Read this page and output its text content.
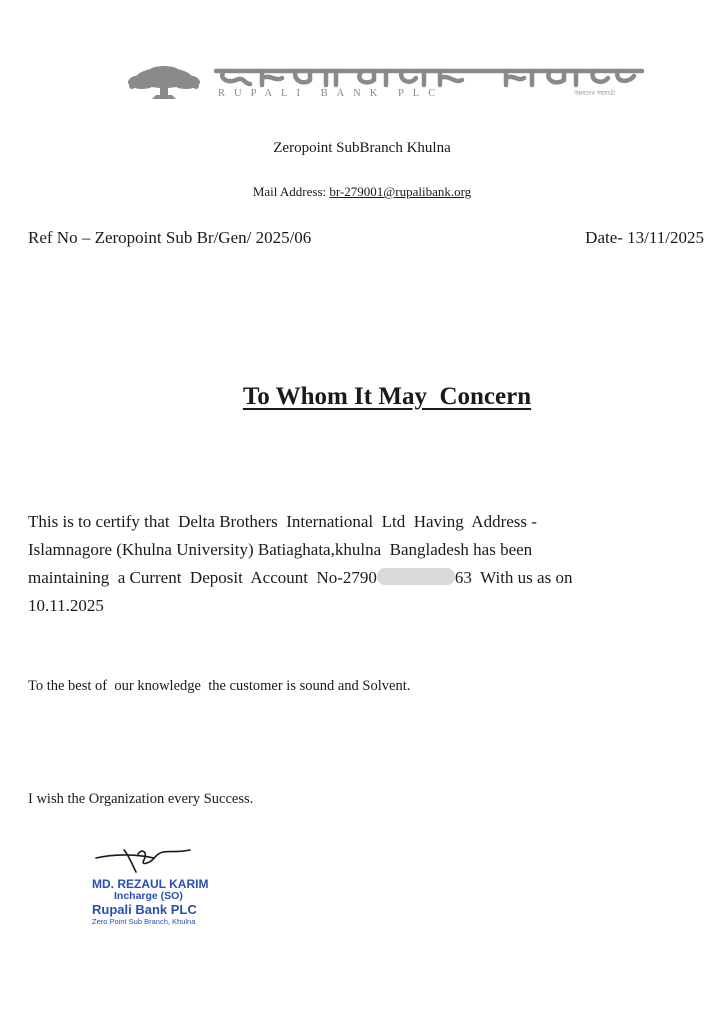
RUPALI BANK PLC	উন্নয়নের সহযাত্রী
Zeropoint SubBranch Khulna
Mail Address: br-279001@rupalibank.org
Ref No – Zeropoint Sub Br/Gen/ 2025/06	Date- 13/11/2025
To Whom It May  Concern
This is to certify that  Delta Brothers  International  Ltd  Having  Address -
Islamnagore (Khulna University) Batiaghata,khulna  Bangladesh has been
maintaining  a Current  Deposit  Account  No-2790	63  With us as on
10.11.2025
To the best of  our knowledge  the customer is sound and Solvent.
I wish the Organization every Success.
MD. REZAUL KARIM
Incharge (SO)
Rupali Bank PLC
Zero Point Sub Branch, Khulna
